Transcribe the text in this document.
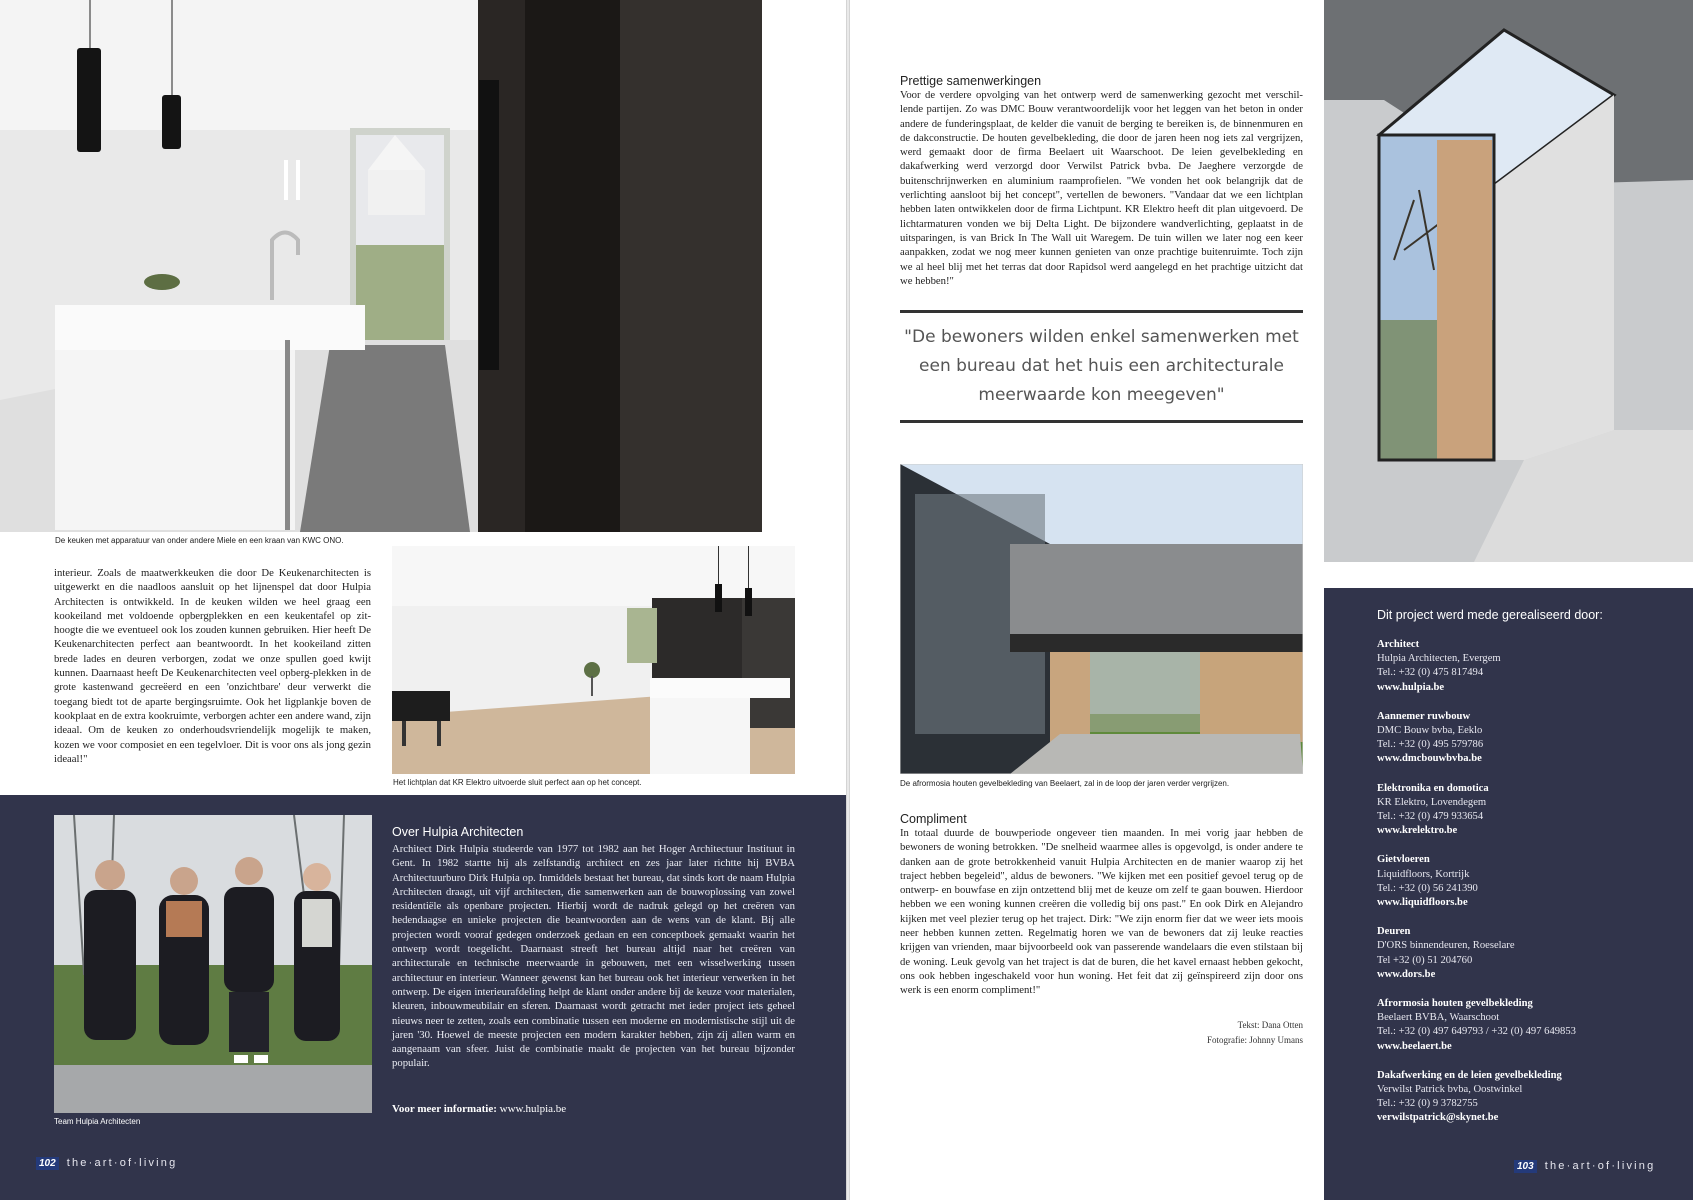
De keuken met apparatuur van onder andere Miele en een kraan van KWC ONO.
interieur. Zoals de maatwerkkeuken die door De Keukenarchitecten is uitgewerkt en die naadloos aansluit op het lijnenspel dat door Hulpia Architecten is ontwikkeld. In de keuken wilden we heel graag een kookeiland met voldoende opbergplekken en een keukentafel op zit-hoogte die we eventueel ook los zouden kunnen gebruiken. Hier heeft De Keukenarchitecten perfect aan beantwoordt. In het kookeiland zitten brede lades en deuren verborgen, zodat we onze spullen goed kwijt kunnen. Daarnaast heeft De Keukenarchitecten veel opberg-plekken in de grote kastenwand gecreëerd en een 'onzichtbare' deur verwerkt die toegang biedt tot de aparte bergingsruimte. Ook het ligplankje boven de kookplaat en de extra kookruimte, verborgen achter een andere wand, zijn ideaal. Om de keuken zo onderhoudsvriendelijk mogelijk te maken, kozen we voor composiet en een tegelvloer. Dit is voor ons als jong gezin ideaal!"
Het lichtplan dat KR Elektro uitvoerde sluit perfect aan op het concept.
Team Hulpia Architecten
Over Hulpia Architecten
Architect Dirk Hulpia studeerde van 1977 tot 1982 aan het Hoger Architectuur Instituut in Gent. In 1982 startte hij als zelfstandig architect en zes jaar later richtte hij BVBA Architectuurburo Dirk Hulpia op. Inmiddels bestaat het bureau, dat sinds kort de naam Hulpia Architecten draagt, uit vijf architecten, die samenwerken aan de bouwoplossing van zowel residentiële als openbare projecten. Hierbij wordt de nadruk gelegd op het creëren van hedendaagse en unieke projecten die beantwoorden aan de wens van de klant. Bij alle projecten wordt vooraf gedegen onderzoek gedaan en een conceptboek gemaakt waarin het ontwerp wordt toegelicht. Daarnaast streeft het bureau altijd naar het creëren van architecturale en technische meerwaarde in gebouwen, met een wisselwerking tussen architectuur en interieur. Wanneer gewenst kan het bureau ook het interieur verwerken in het ontwerp. De eigen interieurafdeling helpt de klant onder andere bij de keuze voor materialen, kleuren, inbouwmeubilair en sferen. Daarnaast wordt getracht met ieder project iets geheel nieuws neer te zetten, zoals een combinatie tussen een moderne en modernistische stijl uit de jaren '30. Hoewel de meeste projecten een modern karakter hebben, zijn zij allen warm en aangenaam van sfeer. Juist de combinatie maakt de projecten van het bureau bijzonder populair.
Voor meer informatie: www.hulpia.be
102 the·art·of·living
Prettige samenwerkingen
Voor de verdere opvolging van het ontwerp werd de samenwerking gezocht met verschil-lende partijen. Zo was DMC Bouw verantwoordelijk voor het leggen van het beton in onder andere de funderingsplaat, de kelder die vanuit de berging te bereiken is, de binnenmuren en de dakconstructie. De houten gevelbekleding, die door de jaren heen nog iets zal vergrijzen, werd gemaakt door de firma Beelaert uit Waarschoot. De leien gevelbekleding en dakafwerking werd verzorgd door Verwilst Patrick bvba. De Jaeghere verzorgde de buitenschrijnwerken en aluminium raamprofielen. "We vonden het ook belangrijk dat de verlichting aansloot bij het concept", vertellen de bewoners. "Vandaar dat we een lichtplan hebben laten ontwikkelen door de firma Lichtpunt. KR Elektro heeft dit plan uitgevoerd. De lichtarmaturen vonden we bij Delta Light. De bijzondere wandverlichting, geplaatst in de uitsparingen, is van Brick In The Wall uit Waregem. De tuin willen we later nog een keer aanpakken, zodat we nog meer kunnen genieten van onze prachtige buitenruimte. Toch zijn we al heel blij met het terras dat door Rapidsol werd aangelegd en het prachtige uitzicht dat we hebben!"
"De bewoners wilden enkel samenwerken met een bureau dat het huis een architecturale meerwaarde kon meegeven"
De afrormosia houten gevelbekleding van Beelaert, zal in de loop der jaren verder vergrijzen.
Compliment
In totaal duurde de bouwperiode ongeveer tien maanden. In mei vorig jaar hebben de bewoners de woning betrokken. "De snelheid waarmee alles is opgevolgd, is onder andere te danken aan de grote betrokkenheid vanuit Hulpia Architecten en de manier waarop zij het traject hebben begeleid", aldus de bewoners. "We kijken met een positief gevoel terug op de ontwerp- en bouwfase en zijn ontzettend blij met de keuze om zelf te gaan bouwen. Hierdoor hebben we een woning kunnen creëren die volledig bij ons past." En ook Dirk en Alejandro kijken met veel plezier terug op het traject. Dirk: "We zijn enorm fier dat we weer iets moois neer hebben kunnen zetten. Regelmatig horen we van de bewoners dat zij leuke reacties krijgen van vrienden, maar bijvoorbeeld ook van passerende wandelaars die even stilstaan bij de woning. Leuk gevolg van het traject is dat de buren, die het kavel ernaast hebben gekocht, ons ook hebben ingeschakeld voor hun woning. Het feit dat zij geïnspireerd zijn door ons werk is een enorm compliment!"
Tekst: Dana Otten
Fotografie: Johnny Umans
Dit project werd mede gerealiseerd door:
Architect
Hulpia Architecten, Evergem
Tel.: +32 (0) 475 817494
www.hulpia.be
Aannemer ruwbouw
DMC Bouw bvba, Eeklo
Tel.: +32 (0) 495 579786
www.dmcbouwbvba.be
Elektronika en domotica
KR Elektro, Lovendegem
Tel.: +32 (0) 479 933654
www.krelektro.be
Gietvloeren
Liquidfloors, Kortrijk
Tel.: +32 (0) 56 241390
www.liquidfloors.be
Deuren
D'ORS binnendeuren, Roeselare
Tel +32 (0) 51 204760
www.dors.be
Afrormosia houten gevelbekleding
Beelaert BVBA, Waarschoot
Tel.: +32 (0) 497 649793 / +32 (0) 497 649853
www.beelaert.be
Dakafwerking en de leien gevelbekleding
Verwilst Patrick bvba, Oostwinkel
Tel.: +32 (0) 9 3782755
verwilstpatrick@skynet.be
103 the·art·of·living
